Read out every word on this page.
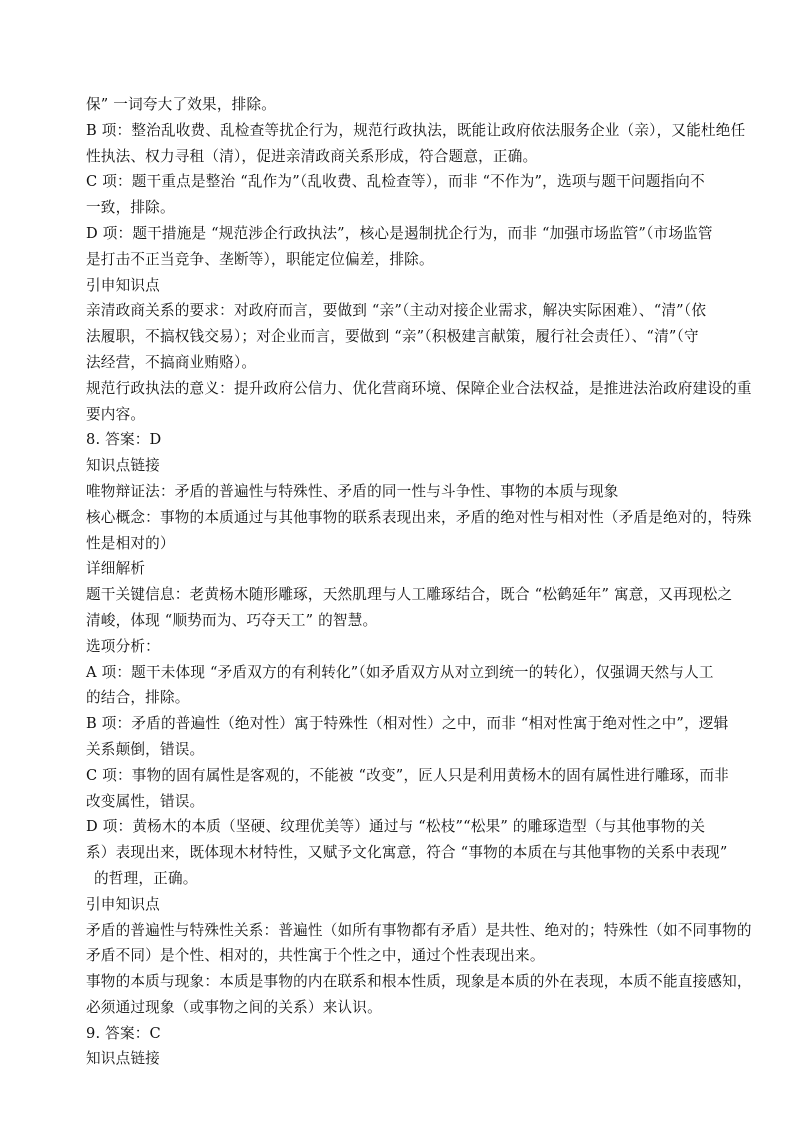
保” 一词夸大了效果，排除。
B 项：整治乱收费、乱检查等扰企行为，规范行政执法，既能让政府依法服务企业（亲），又能杜绝任
性执法、权力寻租（清），促进亲清政商关系形成，符合题意，正确。
C 项：题干重点是整治 “乱作为”（乱收费、乱检查等），而非 “不作为”，选项与题干问题指向不
一致，排除。
D 项：题干措施是 “规范涉企行政执法”，核心是遏制扰企行为，而非 “加强市场监管”（市场监管
是打击不正当竞争、垄断等），职能定位偏差，排除。
引申知识点
亲清政商关系的要求：对政府而言，要做到 “亲”（主动对接企业需求，解决实际困难）、“清”（依
法履职，不搞权钱交易）；对企业而言，要做到 “亲”（积极建言献策，履行社会责任）、“清”（守
法经营，不搞商业贿赂）。
规范行政执法的意义：提升政府公信力、优化营商环境、保障企业合法权益，是推进法治政府建设的重
要内容。
8. 答案：D
知识点链接
唯物辩证法：矛盾的普遍性与特殊性、矛盾的同一性与斗争性、事物的本质与现象
核心概念：事物的本质通过与其他事物的联系表现出来，矛盾的绝对性与相对性（矛盾是绝对的，特殊
性是相对的）
详细解析
题干关键信息：老黄杨木随形雕琢，天然肌理与人工雕琢结合，既合 “松鹤延年” 寓意，又再现松之
清峻，体现 “顺势而为、巧夺天工” 的智慧。
选项分析：
A 项：题干未体现 “矛盾双方的有利转化”（如矛盾双方从对立到统一的转化），仅强调天然与人工
的结合，排除。
B 项：矛盾的普遍性（绝对性）寓于特殊性（相对性）之中，而非 “相对性寓于绝对性之中”，逻辑
关系颠倒，错误。
C 项：事物的固有属性是客观的，不能被 “改变”，匠人只是利用黄杨木的固有属性进行雕琢，而非
改变属性，错误。
D 项：黄杨木的本质（坚硬、纹理优美等）通过与 “松枝”“松果” 的雕琢造型（与其他事物的关
系）表现出来，既体现木材特性，又赋予文化寓意，符合 “事物的本质在与其他事物的关系中表现”
的哲理，正确。
引申知识点
矛盾的普遍性与特殊性关系：普遍性（如所有事物都有矛盾）是共性、绝对的；特殊性（如不同事物的
矛盾不同）是个性、相对的，共性寓于个性之中，通过个性表现出来。
事物的本质与现象：本质是事物的内在联系和根本性质，现象是本质的外在表现，本质不能直接感知，
必须通过现象（或事物之间的关系）来认识。
9. 答案：C
知识点链接
